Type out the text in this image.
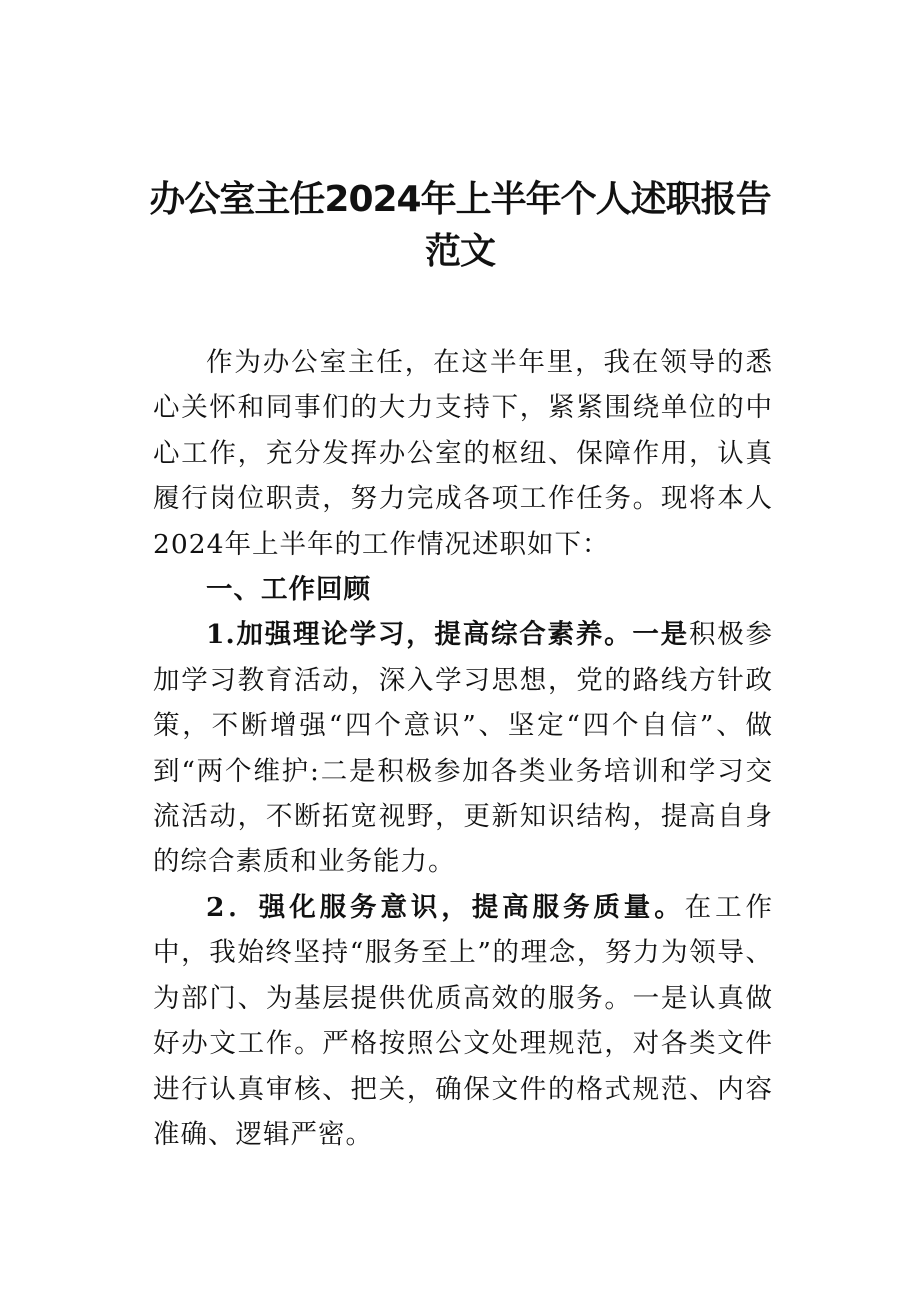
办公室主任2024年上半年个人述职报告
范文

作为办公室主任，在这半年里，我在领导的悉心关怀和同事们的大力支持下，紧紧围绕单位的中心工作，充分发挥办公室的枢纽、保障作用，认真履行岗位职责，努力完成各项工作任务。现将本人2024年上半年的工作情况述职如下：

一、工作回顾

1.加强理论学习，提高综合素养。一是积极参加学习教育活动，深入学习思想，党的路线方针政策，不断增强“四个意识”、坚定“四个自信”、做到“两个维护:二是积极参加各类业务培训和学习交流活动，不断拓宽视野，更新知识结构，提高自身的综合素质和业务能力。

2．强化服务意识，提高服务质量。在工作中，我始终坚持“服务至上”的理念，努力为领导、为部门、为基层提供优质高效的服务。一是认真做好办文工作。严格按照公文处理规范，对各类文件进行认真审核、把关，确保文件的格式规范、内容准确、逻辑严密。
